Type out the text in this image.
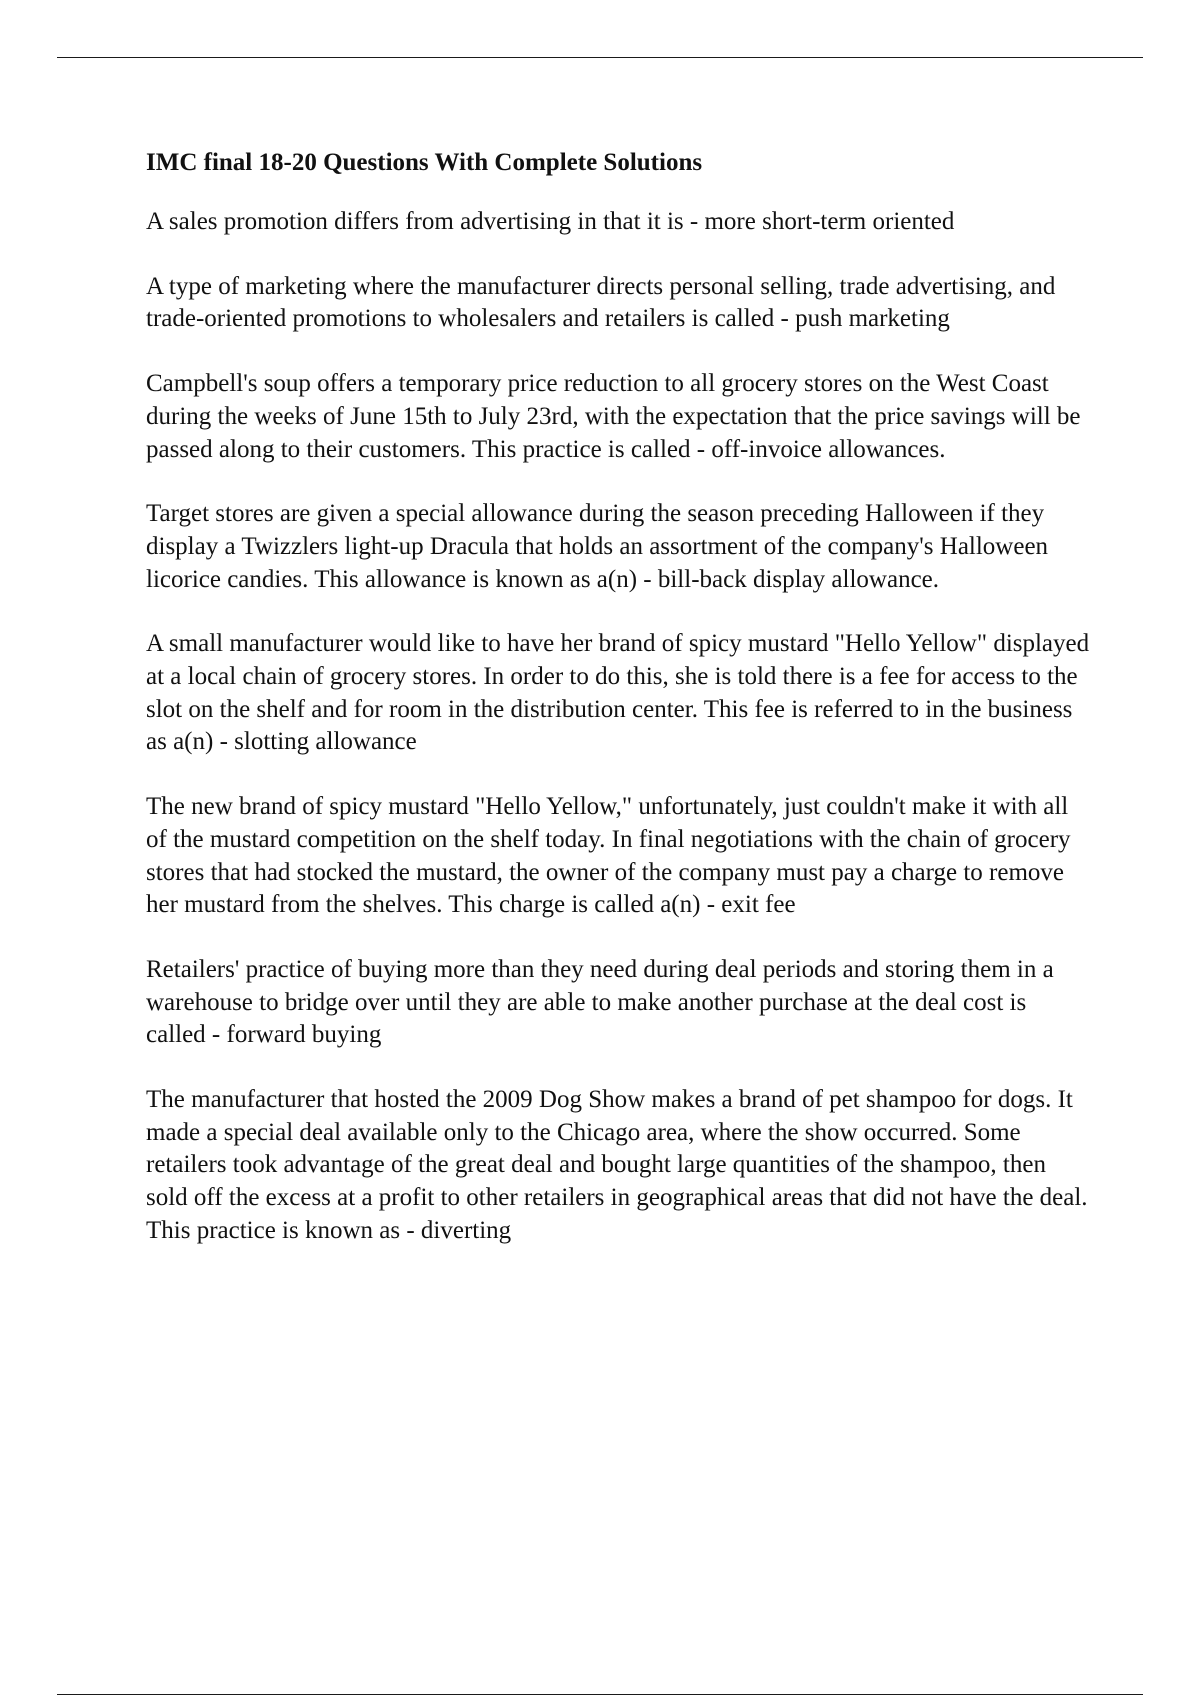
IMC final 18-20 Questions With Complete Solutions

A sales promotion differs from advertising in that it is - more short-term oriented

A type of marketing where the manufacturer directs personal selling, trade advertising, and trade-oriented promotions to wholesalers and retailers is called - push marketing

Campbell's soup offers a temporary price reduction to all grocery stores on the West Coast during the weeks of June 15th to July 23rd, with the expectation that the price savings will be passed along to their customers. This practice is called - off-invoice allowances.

Target stores are given a special allowance during the season preceding Halloween if they display a Twizzlers light-up Dracula that holds an assortment of the company's Halloween licorice candies. This allowance is known as a(n) - bill-back display allowance.

A small manufacturer would like to have her brand of spicy mustard "Hello Yellow" displayed at a local chain of grocery stores. In order to do this, she is told there is a fee for access to the slot on the shelf and for room in the distribution center. This fee is referred to in the business as a(n) - slotting allowance

The new brand of spicy mustard "Hello Yellow," unfortunately, just couldn't make it with all of the mustard competition on the shelf today. In final negotiations with the chain of grocery stores that had stocked the mustard, the owner of the company must pay a charge to remove her mustard from the shelves. This charge is called a(n) - exit fee

Retailers' practice of buying more than they need during deal periods and storing them in a warehouse to bridge over until they are able to make another purchase at the deal cost is called - forward buying

The manufacturer that hosted the 2009 Dog Show makes a brand of pet shampoo for dogs. It made a special deal available only to the Chicago area, where the show occurred. Some retailers took advantage of the great deal and bought large quantities of the shampoo, then sold off the excess at a profit to other retailers in geographical areas that did not have the deal. This practice is known as - diverting
